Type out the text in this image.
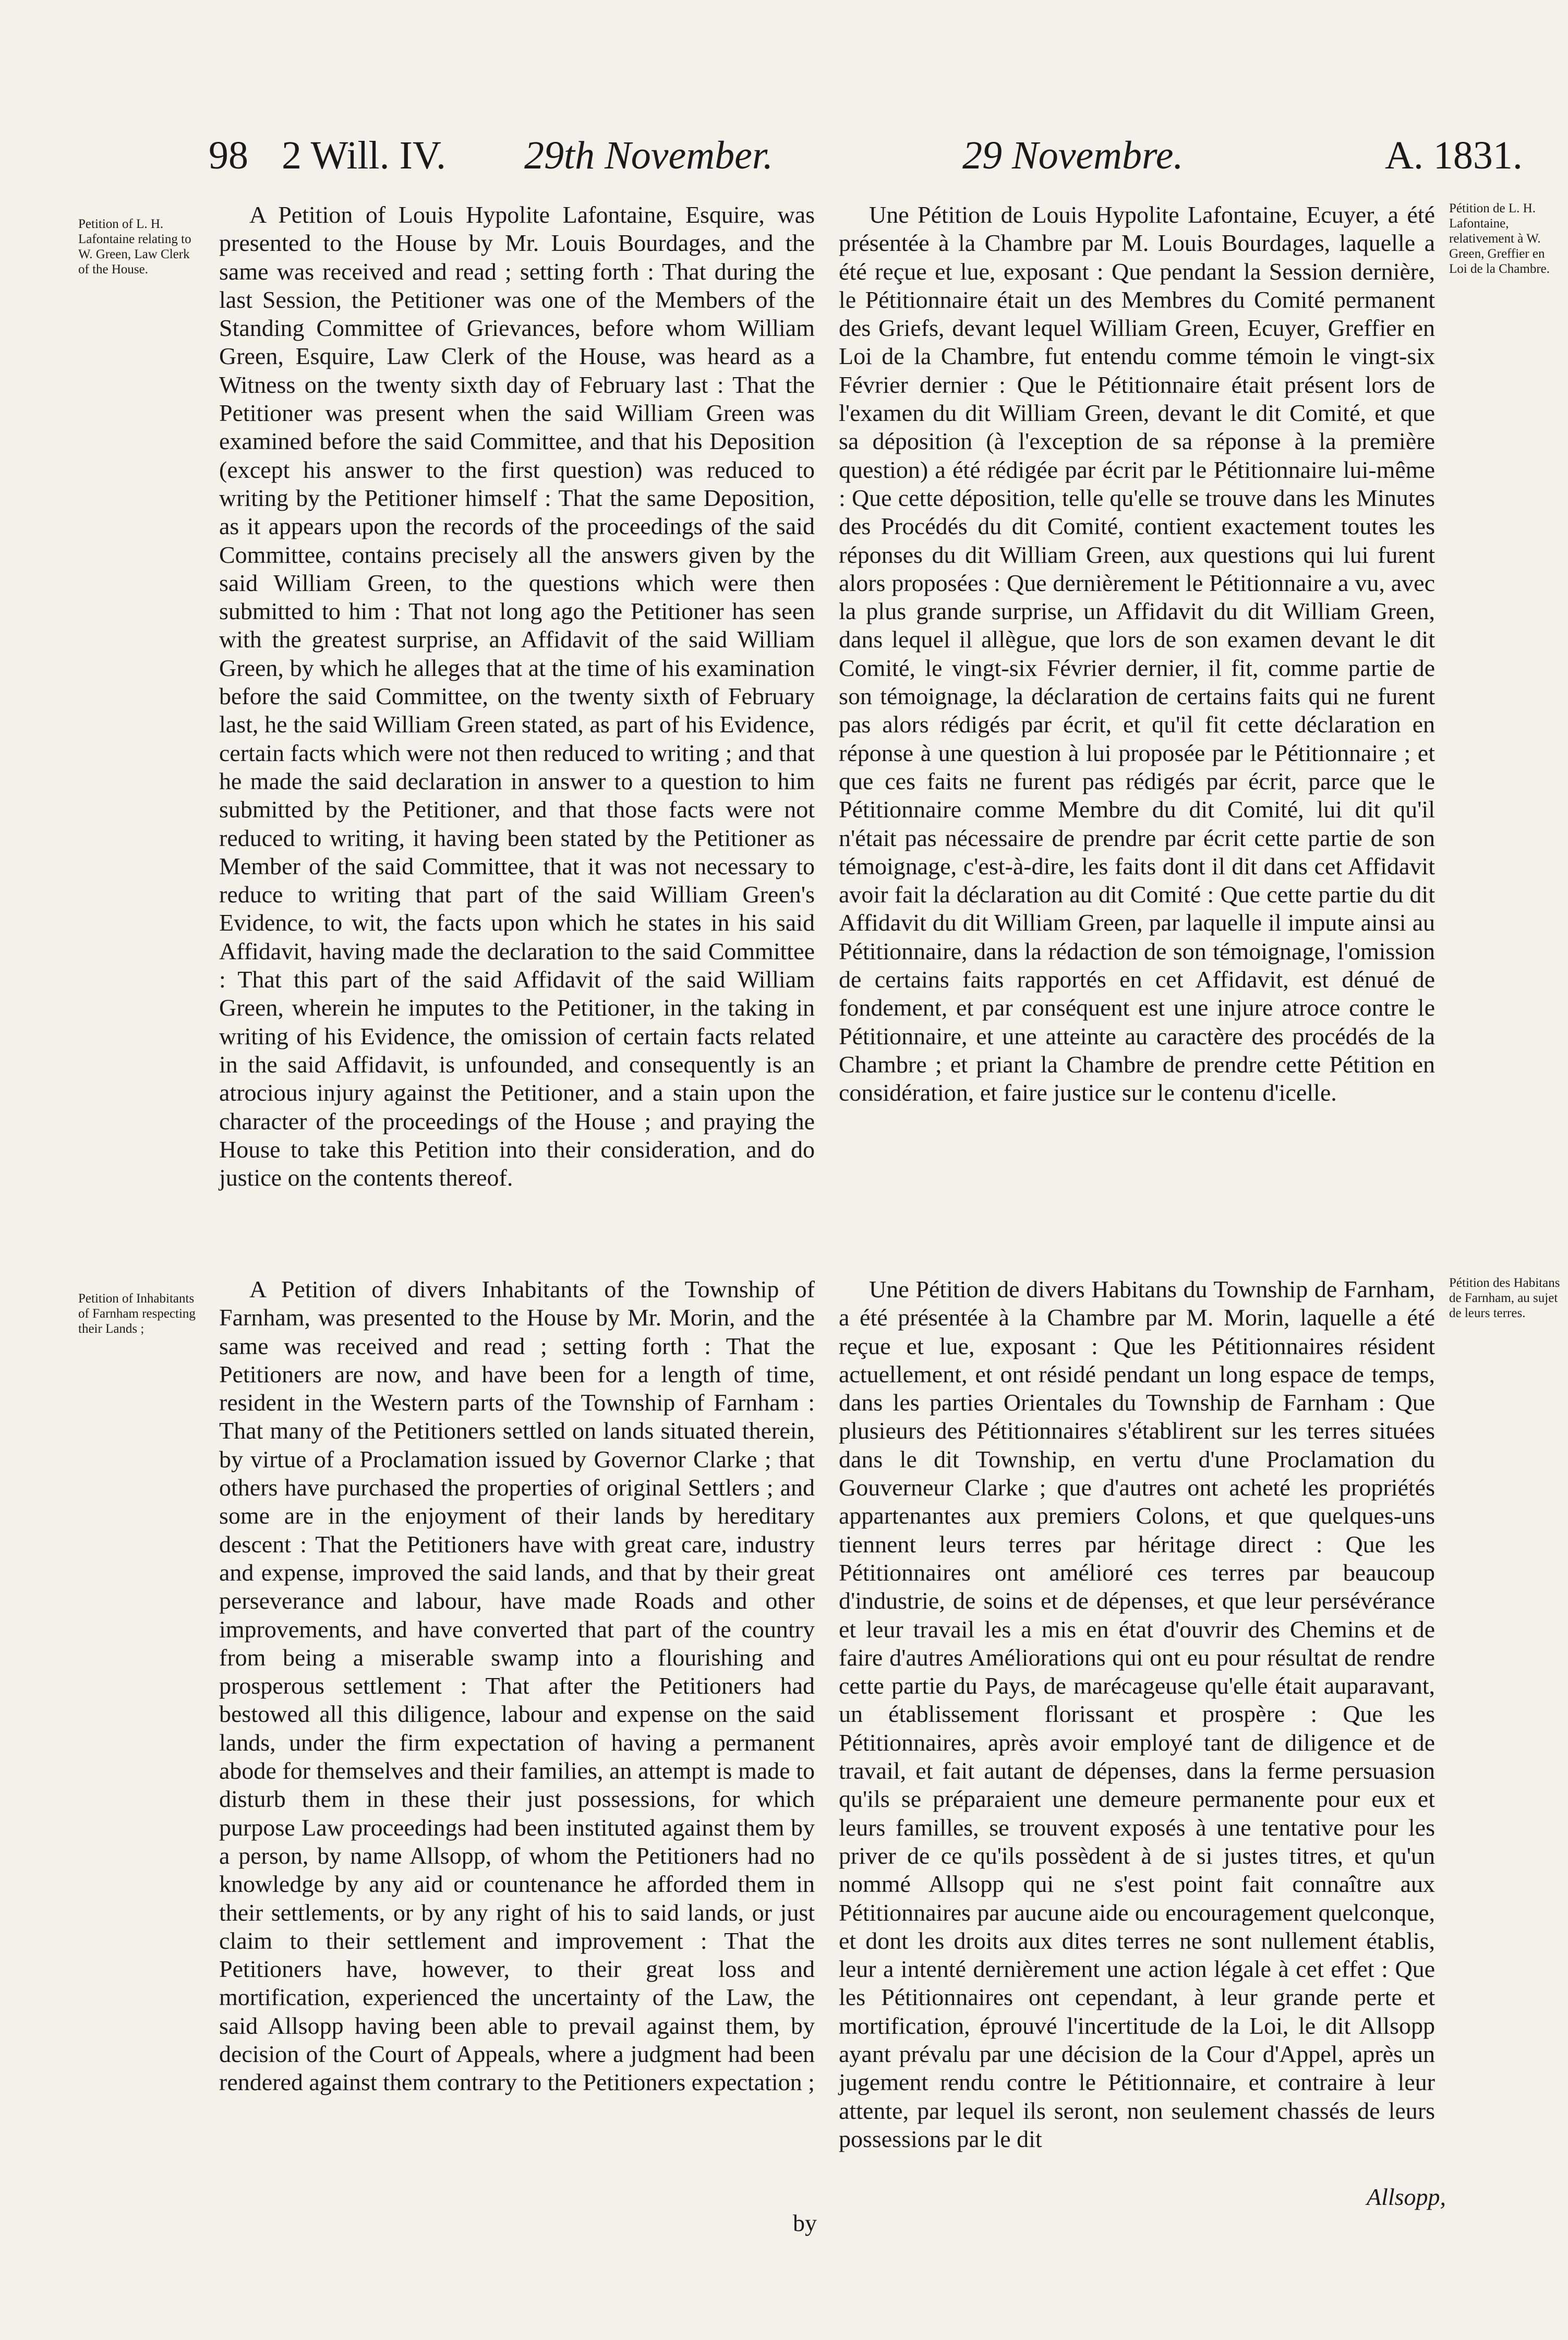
98 2 Will. IV. 29th November.	29 Novembre.	A. 1831.
Petition of L. H. Lafontaine relating to W. Green, Law Clerk of the House.
Pétition de L. H. Lafontaine, relativement à W. Green, Greffier en Loi de la Chambre.

A Petition of Louis Hypolite Lafontaine, Esquire, was presented to the House by Mr. Louis Bourdages, and the same was received and read ; setting forth : That during the last Session, the Petitioner was one of the Members of the Standing Committee of Grievances, before whom William Green, Esquire, Law Clerk of the House, was heard as a Witness on the twenty sixth day of February last : That the Petitioner was present when the said William Green was examined before the said Committee, and that his Deposition (except his answer to the first question) was reduced to writing by the Petitioner himself : That the same Deposition, as it appears upon the records of the proceedings of the said Committee, contains precisely all the answers given by the said William Green, to the questions which were then submitted to him : That not long ago the Petitioner has seen with the greatest surprise, an Affidavit of the said William Green, by which he alleges that at the time of his examination before the said Committee, on the twenty sixth of February last, he the said William Green stated, as part of his Evidence, certain facts which were not then reduced to writing ; and that he made the said declaration in answer to a question to him submitted by the Petitioner, and that those facts were not reduced to writing, it having been stated by the Petitioner as Member of the said Committee, that it was not necessary to reduce to writing that part of the said William Green's Evidence, to wit, the facts upon which he states in his said Affidavit, having made the declaration to the said Committee : That this part of the said Affidavit of the said William Green, wherein he imputes to the Petitioner, in the taking in writing of his Evidence, the omission of certain facts related in the said Affidavit, is unfounded, and consequently is an atrocious injury against the Petitioner, and a stain upon the character of the proceedings of the House ; and praying the House to take this Petition into their consideration, and do justice on the contents thereof.

Une Pétition de Louis Hypolite Lafontaine, Ecuyer, a été présentée à la Chambre par M. Louis Bourdages, laquelle a été reçue et lue, exposant : Que pendant la Session dernière, le Pétitionnaire était un des Membres du Comité permanent des Griefs, devant lequel William Green, Ecuyer, Greffier en Loi de la Chambre, fut entendu comme témoin le vingt-six Février dernier : Que le Pétitionnaire était présent lors de l'examen du dit William Green, devant le dit Comité, et que sa déposition (à l'exception de sa réponse à la première question) a été rédigée par écrit par le Pétitionnaire lui-même : Que cette déposition, telle qu'elle se trouve dans les Minutes des Procédés du dit Comité, contient exactement toutes les réponses du dit William Green, aux questions qui lui furent alors proposées : Que dernièrement le Pétitionnaire a vu, avec la plus grande surprise, un Affidavit du dit William Green, dans lequel il allègue, que lors de son examen devant le dit Comité, le vingt-six Février dernier, il fit, comme partie de son témoignage, la déclaration de certains faits qui ne furent pas alors rédigés par écrit, et qu'il fit cette déclaration en réponse à une question à lui proposée par le Pétitionnaire ; et que ces faits ne furent pas rédigés par écrit, parce que le Pétitionnaire comme Membre du dit Comité, lui dit qu'il n'était pas nécessaire de prendre par écrit cette partie de son témoignage, c'est-à-dire, les faits dont il dit dans cet Affidavit avoir fait la déclaration au dit Comité : Que cette partie du dit Affidavit du dit William Green, par laquelle il impute ainsi au Pétitionnaire, dans la rédaction de son témoignage, l'omission de certains faits rapportés en cet Affidavit, est dénué de fondement, et par conséquent est une injure atroce contre le Pétitionnaire, et une atteinte au caractère des procédés de la Chambre ; et priant la Chambre de prendre cette Pétition en considération, et faire justice sur le contenu d'icelle.

Petition of Inhabitants of Farnham respecting their Lands ;
Pétition des Habitans de Farnham, au sujet de leurs terres.

A Petition of divers Inhabitants of the Township of Farnham, was presented to the House by Mr. Morin, and the same was received and read ; setting forth : That the Petitioners are now, and have been for a length of time, resident in the Western parts of the Township of Farnham : That many of the Petitioners settled on lands situated therein, by virtue of a Proclamation issued by Governor Clarke ; that others have purchased the properties of original Settlers ; and some are in the enjoyment of their lands by hereditary descent : That the Petitioners have with great care, industry and expense, improved the said lands, and that by their great perseverance and labour, have made Roads and other improvements, and have converted that part of the country from being a miserable swamp into a flourishing and prosperous settlement : That after the Petitioners had bestowed all this diligence, labour and expense on the said lands, under the firm expectation of having a permanent abode for themselves and their families, an attempt is made to disturb them in these their just possessions, for which purpose Law proceedings had been instituted against them by a person, by name Allsopp, of whom the Petitioners had no knowledge by any aid or countenance he afforded them in their settlements, or by any right of his to said lands, or just claim to their settlement and improvement : That the Petitioners have, however, to their great loss and mortification, experienced the uncertainty of the Law, the said Allsopp having been able to prevail against them, by decision of the Court of Appeals, where a judgment had been rendered against them contrary to the Petitioners expectation ;

Une Pétition de divers Habitans du Township de Farnham, a été présentée à la Chambre par M. Morin, laquelle a été reçue et lue, exposant : Que les Pétitionnaires résident actuellement, et ont résidé pendant un long espace de temps, dans les parties Orientales du Township de Farnham : Que plusieurs des Pétitionnaires s'établirent sur les terres situées dans le dit Township, en vertu d'une Proclamation du Gouverneur Clarke ; que d'autres ont acheté les propriétés appartenantes aux premiers Colons, et que quelques-uns tiennent leurs terres par héritage direct : Que les Pétitionnaires ont amélioré ces terres par beaucoup d'industrie, de soins et de dépenses, et que leur persévérance et leur travail les a mis en état d'ouvrir des Chemins et de faire d'autres Améliorations qui ont eu pour résultat de rendre cette partie du Pays, de marécageuse qu'elle était auparavant, un établissement florissant et prospère : Que les Pétitionnaires, après avoir employé tant de diligence et de travail, et fait autant de dépenses, dans la ferme persuasion qu'ils se préparaient une demeure permanente pour eux et leurs familles, se trouvent exposés à une tentative pour les priver de ce qu'ils possèdent à de si justes titres, et qu'un nommé Allsopp qui ne s'est point fait connaître aux Pétitionnaires par aucune aide ou encouragement quelconque, et dont les droits aux dites terres ne sont nullement établis, leur a intenté dernièrement une action légale à cet effet : Que les Pétitionnaires ont cependant, à leur grande perte et mortification, éprouvé l'incertitude de la Loi, le dit Allsopp ayant prévalu par une décision de la Cour d'Appel, après un jugement rendu contre le Pétitionnaire, et contraire à leur attente, par lequel ils seront, non seulement chassés de leurs possessions par le dit

by
Allsopp,
